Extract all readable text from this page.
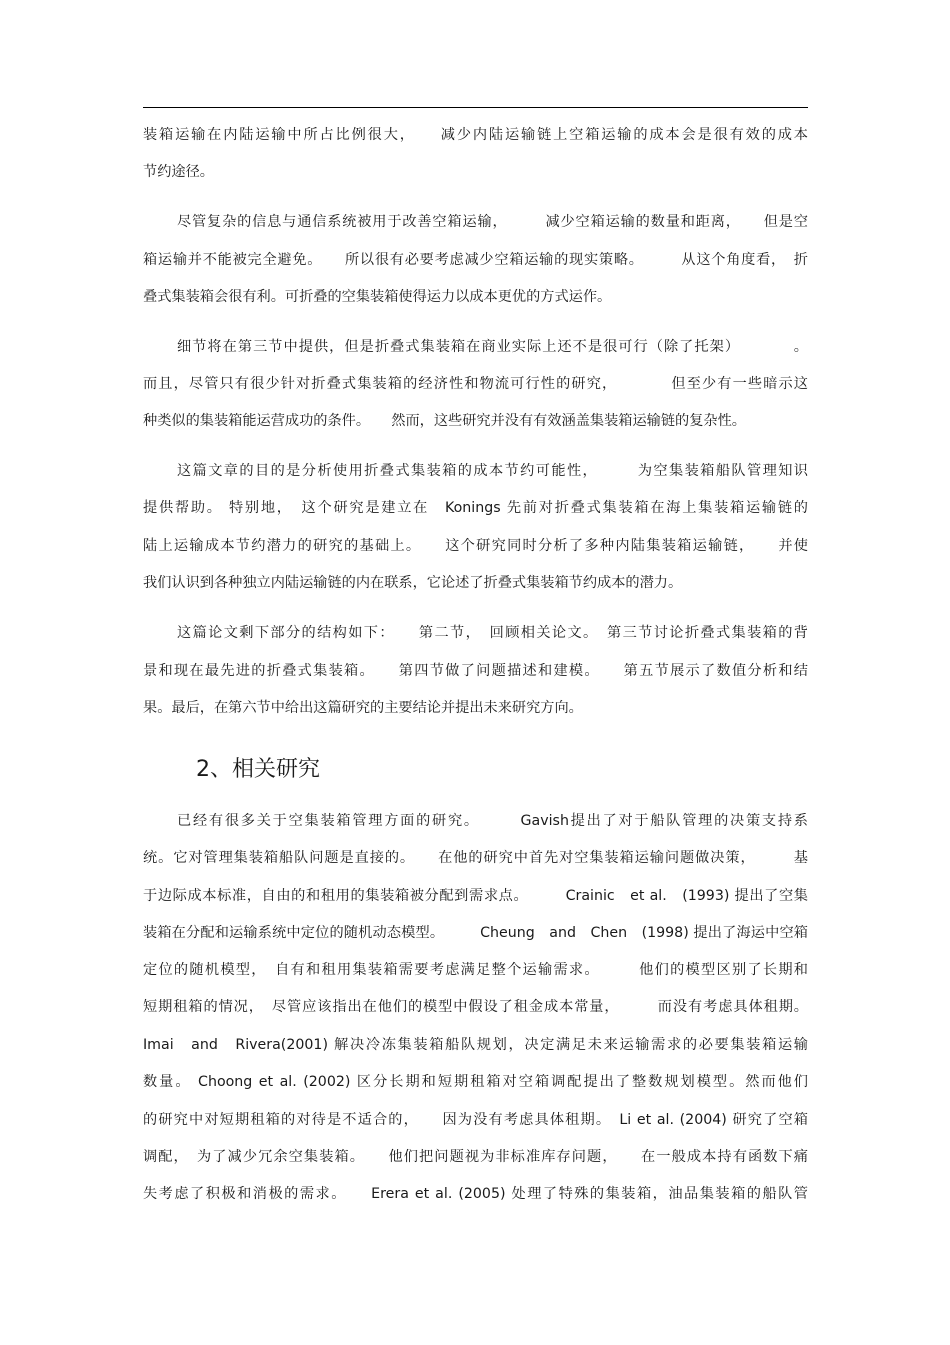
装箱运输在内陆运输中所占比例很大，　　减少内陆运输链上空箱运输的成本会是很有效的成本
节约途径。
尽管复杂的信息与通信系统被用于改善空箱运输，　　　减少空箱运输的数量和距离，　　但是空
箱运输并不能被完全避免。　　所以很有必要考虑减少空箱运输的现实策略。　　　从这个角度看，　折
叠式集装箱会很有利。可折叠的空集装箱使得运力以成本更优的方式运作。
细节将在第三节中提供，但是折叠式集装箱在商业实际上还不是很可行（除了托架）　　　　。
而且，尽管只有很少针对折叠式集装箱的经济性和物流可行性的研究，　　　　但至少有一些暗示这
种类似的集装箱能运营成功的条件。　　然而，这些研究并没有有效涵盖集装箱运输链的复杂性。
这篇文章的目的是分析使用折叠式集装箱的成本节约可能性，　　　为空集装箱船队管理知识
提供帮助。 特别地，　这个研究是建立在　Konings 先前对折叠式集装箱在海上集装箱运输链的
陆上运输成本节约潜力的研究的基础上。　　这个研究同时分析了多种内陆集装箱运输链，　　并使
我们认识到各种独立内陆运输链的内在联系，它论述了折叠式集装箱节约成本的潜力。
这篇论文剩下部分的结构如下：　　第二节，　回顾相关论文。　第三节讨论折叠式集装箱的背
景和现在最先进的折叠式集装箱。　　第四节做了问题描述和建模。　　第五节展示了数值分析和结
果。最后，在第六节中给出这篇研究的主要结论并提出未来研究方向。
2、相关研究
已经有很多关于空集装箱管理方面的研究。　　　Gavish提出了对于船队管理的决策支持系
统。它对管理集装箱船队问题是直接的。　　在他的研究中首先对空集装箱运输问题做决策，　　　基
于边际成本标准，自由的和租用的集装箱被分配到需求点。　　　Crainic　et al.　(1993) 提出了空集
装箱在分配和运输系统中定位的随机动态模型。　　　Cheung　and　Chen　(1998) 提出了海运中空箱
定位的随机模型，　自有和租用集装箱需要考虑满足整个运输需求。　　　他们的模型区别了长期和
短期租箱的情况，　尽管应该指出在他们的模型中假设了租金成本常量，　　　而没有考虑具体租期。
Imai　and　Rivera(2001) 解决冷冻集装箱船队规划，决定满足未来运输需求的必要集装箱运输
数量。 Choong et al. (2002) 区分长期和短期租箱对空箱调配提出了整数规划模型。然而他们
的研究中对短期租箱的对待是不适合的，　　因为没有考虑具体租期。　Li et al. (2004) 研究了空箱
调配，　为了减少冗余空集装箱。　　他们把问题视为非标准库存问题，　　在一般成本持有函数下痛
失考虑了积极和消极的需求。　　Erera et al. (2005) 处理了特殊的集装箱，油品集装箱的船队管
